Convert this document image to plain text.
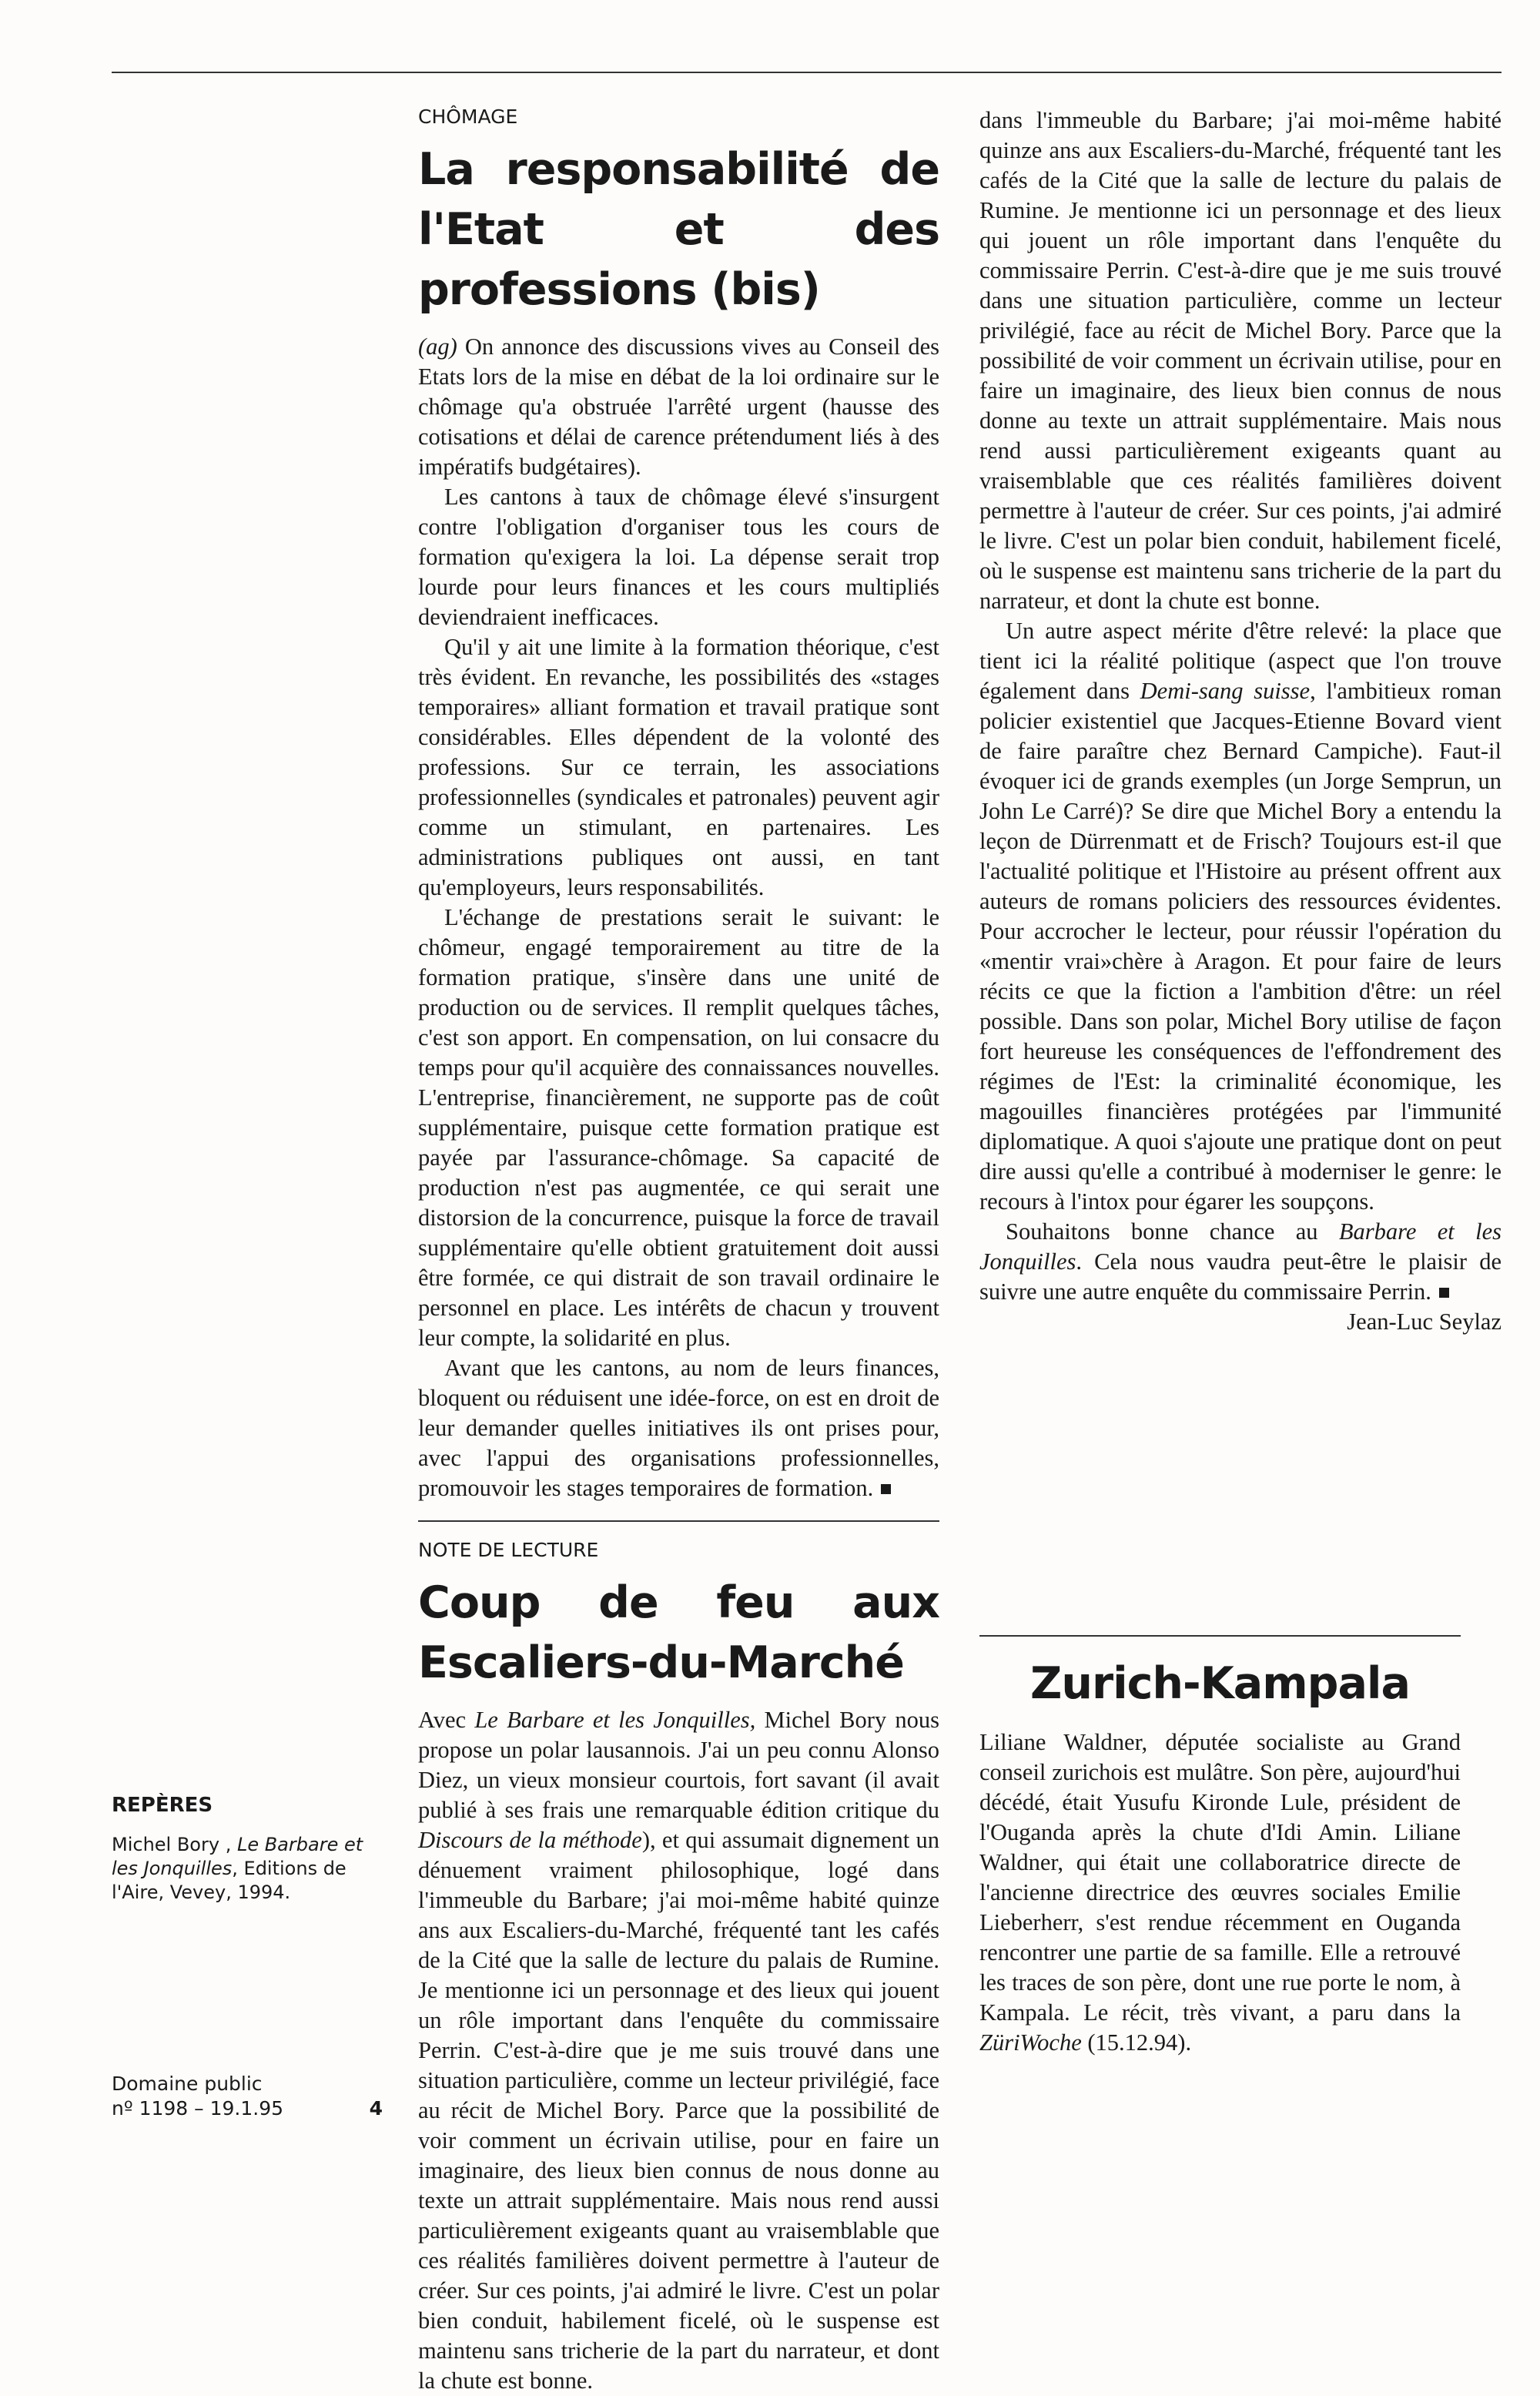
REPÈRES
Michel Bory , Le Barbare et les Jonquilles, Editions de l'Aire, Vevey, 1994.
Domaine public
nº 1198 – 19.1.95	4
CHÔMAGE
La responsabilité de l'Etat et des professions (bis)

(ag) On annonce des discussions vives au Conseil des Etats lors de la mise en débat de la loi ordinaire sur le chômage qu'a obstruée l'arrêté urgent (hausse des cotisations et délai de carence prétendument liés à des impératifs budgétaires).

Les cantons à taux de chômage élevé s'insurgent contre l'obligation d'organiser tous les cours de formation qu'exigera la loi. La dépense serait trop lourde pour leurs finances et les cours multipliés deviendraient inefficaces.

Qu'il y ait une limite à la formation théorique, c'est très évident. En revanche, les possibilités des «stages temporaires» alliant formation et travail pratique sont considérables. Elles dépendent de la volonté des professions. Sur ce terrain, les associations professionnelles (syndicales et patronales) peuvent agir comme un stimulant, en partenaires. Les administrations publiques ont aussi, en tant qu'employeurs, leurs responsabilités.

L'échange de prestations serait le suivant: le chômeur, engagé temporairement au titre de la formation pratique, s'insère dans une unité de production ou de services. Il remplit quelques tâches, c'est son apport. En compensation, on lui consacre du temps pour qu'il acquière des connaissances nouvelles. L'entreprise, financièrement, ne supporte pas de coût supplémentaire, puisque cette formation pratique est payée par l'assurance-chômage. Sa capacité de production n'est pas augmentée, ce qui serait une distorsion de la concurrence, puisque la force de travail supplémentaire qu'elle obtient gratuitement doit aussi être formée, ce qui distrait de son travail ordinaire le personnel en place. Les intérêts de chacun y trouvent leur compte, la solidarité en plus.

Avant que les cantons, au nom de leurs finances, bloquent ou réduisent une idée-force, on est en droit de leur demander quelles initiatives ils ont prises pour, avec l'appui des organisations professionnelles, promouvoir les stages temporaires de formation.

NOTE DE LECTURE
Coup de feu aux Escaliers-du-Marché

Avec Le Barbare et les Jonquilles, Michel Bory nous propose un polar lausannois. J'ai un peu connu Alonso Diez, un vieux monsieur courtois, fort savant (il avait publié à ses frais une remarquable édition critique du Discours de la méthode), et qui assumait dignement un dénuement vraiment philosophique, logé dans l'immeuble du Barbare; j'ai moi-même habité quinze ans aux Escaliers-du-Marché, fréquenté tant les cafés de la Cité que la salle de lecture du palais de Rumine. Je mentionne ici un personnage et des lieux qui jouent un rôle important dans l'enquête du commissaire Perrin. C'est-à-dire que je me suis trouvé dans une situation particulière, comme un lecteur privilégié, face au récit de Michel Bory. Parce que la possibilité de voir comment un écrivain utilise, pour en faire un imaginaire, des lieux bien connus de nous donne au texte un attrait supplémentaire. Mais nous rend aussi particulièrement exigeants quant au vraisemblable que ces réalités familières doivent permettre à l'auteur de créer. Sur ces points, j'ai admiré le livre. C'est un polar bien conduit, habilement ficelé, où le suspense est maintenu sans tricherie de la part du narrateur, et dont la chute est bonne.

dans l'immeuble du Barbare; j'ai moi-même habité quinze ans aux Escaliers-du-Marché, fréquenté tant les cafés de la Cité que la salle de lecture du palais de Rumine. Je mentionne ici un personnage et des lieux qui jouent un rôle important dans l'enquête du commissaire Perrin. C'est-à-dire que je me suis trouvé dans une situation particulière, comme un lecteur privilégié, face au récit de Michel Bory. Parce que la possibilité de voir comment un écrivain utilise, pour en faire un imaginaire, des lieux bien connus de nous donne au texte un attrait supplémentaire. Mais nous rend aussi particulièrement exigeants quant au vraisemblable que ces réalités familières doivent permettre à l'auteur de créer. Sur ces points, j'ai admiré le livre. C'est un polar bien conduit, habilement ficelé, où le suspense est maintenu sans tricherie de la part du narrateur, et dont la chute est bonne.

Un autre aspect mérite d'être relevé: la place que tient ici la réalité politique (aspect que l'on trouve également dans Demi-sang suisse, l'ambitieux roman policier existentiel que Jacques-Etienne Bovard vient de faire paraître chez Bernard Campiche). Faut-il évoquer ici de grands exemples (un Jorge Semprun, un John Le Carré)? Se dire que Michel Bory a entendu la leçon de Dürrenmatt et de Frisch? Toujours est-il que l'actualité politique et l'Histoire au présent offrent aux auteurs de romans policiers des ressources évidentes. Pour accrocher le lecteur, pour réussir l'opération du «mentir vrai»chère à Aragon. Et pour faire de leurs récits ce que la fiction a l'ambition d'être: un réel possible. Dans son polar, Michel Bory utilise de façon fort heureuse les conséquences de l'effondrement des régimes de l'Est: la criminalité économique, les magouilles financières protégées par l'immunité diplomatique. A quoi s'ajoute une pratique dont on peut dire aussi qu'elle a contribué à moderniser le genre: le recours à l'intox pour égarer les soupçons.

Souhaitons bonne chance au Barbare et les Jonquilles. Cela nous vaudra peut-être le plaisir de suivre une autre enquête du commissaire Perrin.

Jean-Luc Seylaz

Zurich-Kampala

Liliane Waldner, députée socialiste au Grand conseil zurichois est mulâtre. Son père, aujourd'hui décédé, était Yusufu Kironde Lule, président de l'Ouganda après la chute d'Idi Amin. Liliane Waldner, qui était une collaboratrice directe de l'ancienne directrice des œuvres sociales Emilie Lieberherr, s'est rendue récemment en Ouganda rencontrer une partie de sa famille. Elle a retrouvé les traces de son père, dont une rue porte le nom, à Kampala. Le récit, très vivant, a paru dans la ZüriWoche (15.12.94).
